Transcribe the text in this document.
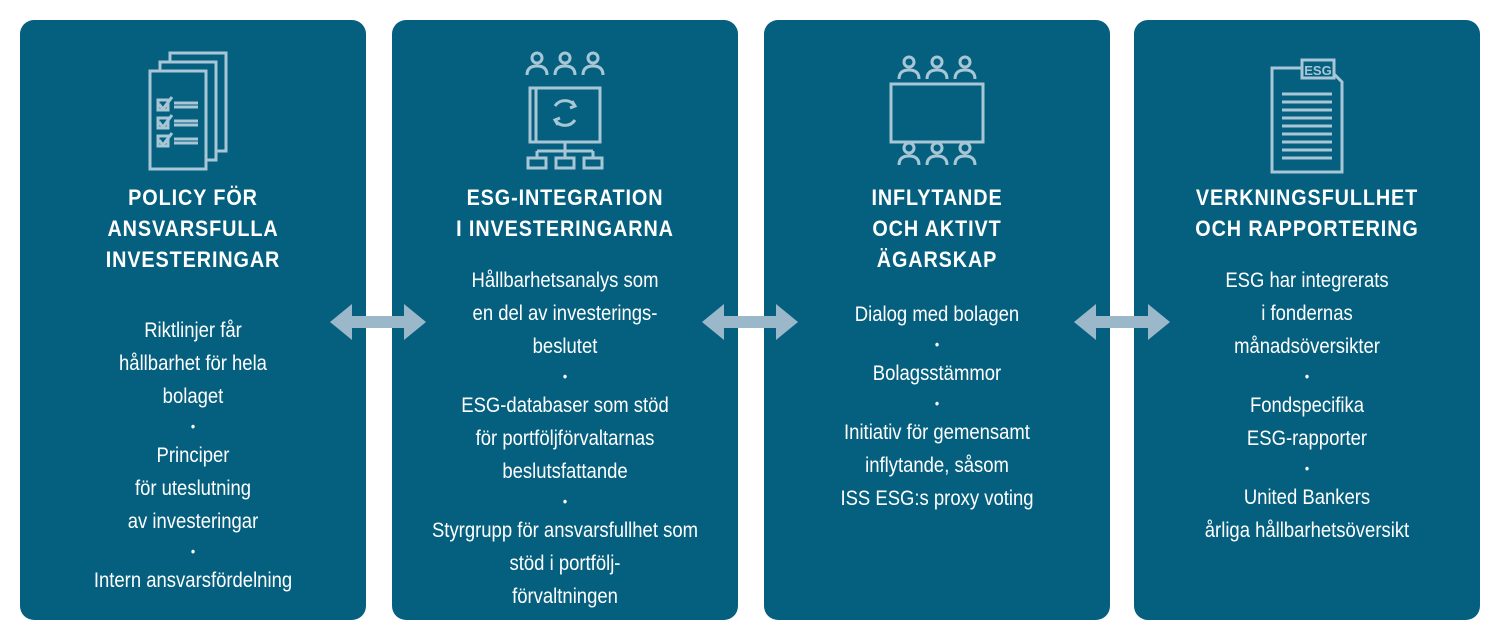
POLICY FÖR
ANSVARSFULLA
INVESTERINGAR
Riktlinjer får
hållbarhet för hela
bolaget
•
Principer
för uteslutning
av investeringar
•
Intern ansvarsfördelning
ESG-INTEGRATION
I INVESTERINGARNA
Hållbarhetsanalys som
en del av investerings-
beslutet
•
ESG-databaser som stöd
för portföljförvaltarnas
beslutsfattande
•
Styrgrupp för ansvarsfullhet som
stöd i portfölj-
förvaltningen
INFLYTANDE
OCH AKTIVT
ÄGARSKAP
Dialog med bolagen
•
Bolagsstämmor
•
Initiativ för gemensamt
inflytande, såsom
ISS ESG:s proxy voting
ESG
VERKNINGSFULLHET
OCH RAPPORTERING
ESG har integrerats
i fondernas
månadsöversikter
•
Fondspecifika
ESG-rapporter
•
United Bankers
årliga hållbarhetsöversikt
